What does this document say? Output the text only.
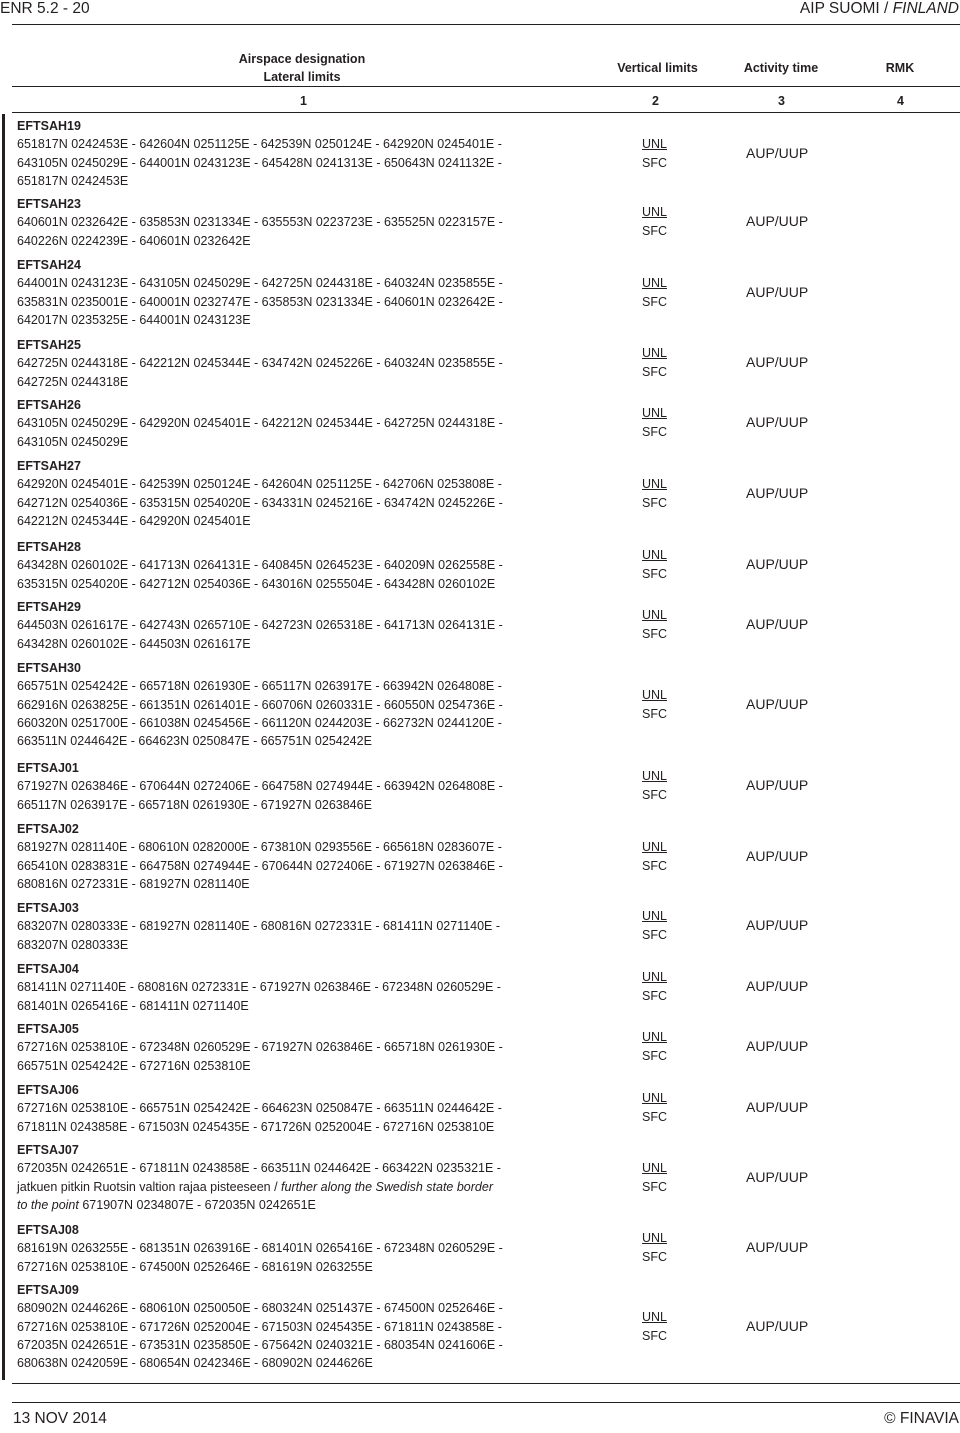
ENR 5.2 - 20	AIP SUOMI / FINLAND
Airspace designation
Lateral limits
Vertical limits	Activity time	RMK
1	2	3	4
EFTSAH19
651817N 0242453E - 642604N 0251125E - 642539N 0250124E - 642920N 0245401E -
643105N 0245029E - 644001N 0243123E - 645428N 0241313E - 650643N 0241132E -
651817N 0242453E
UNL
SFC
AUP/UUP
EFTSAH23
640601N 0232642E - 635853N 0231334E - 635553N 0223723E - 635525N 0223157E -
640226N 0224239E - 640601N 0232642E
UNL
SFC
AUP/UUP
EFTSAH24
644001N 0243123E - 643105N 0245029E - 642725N 0244318E - 640324N 0235855E -
635831N 0235001E - 640001N 0232747E - 635853N 0231334E - 640601N 0232642E -
642017N 0235325E - 644001N 0243123E
UNL
SFC
AUP/UUP
EFTSAH25
642725N 0244318E - 642212N 0245344E - 634742N 0245226E - 640324N 0235855E -
642725N 0244318E
UNL
SFC
AUP/UUP
EFTSAH26
643105N 0245029E - 642920N 0245401E - 642212N 0245344E - 642725N 0244318E -
643105N 0245029E
UNL
SFC
AUP/UUP
EFTSAH27
642920N 0245401E - 642539N 0250124E - 642604N 0251125E - 642706N 0253808E -
642712N 0254036E - 635315N 0254020E - 634331N 0245216E - 634742N 0245226E -
642212N 0245344E - 642920N 0245401E
UNL
SFC
AUP/UUP
EFTSAH28
643428N 0260102E - 641713N 0264131E - 640845N 0264523E - 640209N 0262558E -
635315N 0254020E - 642712N 0254036E - 643016N 0255504E - 643428N 0260102E
UNL
SFC
AUP/UUP
EFTSAH29
644503N 0261617E - 642743N 0265710E - 642723N 0265318E - 641713N 0264131E -
643428N 0260102E - 644503N 0261617E
UNL
SFC
AUP/UUP
EFTSAH30
665751N 0254242E - 665718N 0261930E - 665117N 0263917E - 663942N 0264808E -
662916N 0263825E - 661351N 0261401E - 660706N 0260331E - 660550N 0254736E -
660320N 0251700E - 661038N 0245456E - 661120N 0244203E - 662732N 0244120E -
663511N 0244642E - 664623N 0250847E - 665751N 0254242E
UNL
SFC
AUP/UUP
EFTSAJ01
671927N 0263846E - 670644N 0272406E - 664758N 0274944E - 663942N 0264808E -
665117N 0263917E - 665718N 0261930E - 671927N 0263846E
UNL
SFC
AUP/UUP
EFTSAJ02
681927N 0281140E - 680610N 0282000E - 673810N 0293556E - 665618N 0283607E -
665410N 0283831E - 664758N 0274944E - 670644N 0272406E - 671927N 0263846E -
680816N 0272331E - 681927N 0281140E
UNL
SFC
AUP/UUP
EFTSAJ03
683207N 0280333E - 681927N 0281140E - 680816N 0272331E - 681411N 0271140E -
683207N 0280333E
UNL
SFC
AUP/UUP
EFTSAJ04
681411N 0271140E - 680816N 0272331E - 671927N 0263846E - 672348N 0260529E -
681401N 0265416E - 681411N 0271140E
UNL
SFC
AUP/UUP
EFTSAJ05
672716N 0253810E - 672348N 0260529E - 671927N 0263846E - 665718N 0261930E -
665751N 0254242E - 672716N 0253810E
UNL
SFC
AUP/UUP
EFTSAJ06
672716N 0253810E - 665751N 0254242E - 664623N 0250847E - 663511N 0244642E -
671811N 0243858E - 671503N 0245435E - 671726N 0252004E - 672716N 0253810E
UNL
SFC
AUP/UUP
EFTSAJ07
672035N 0242651E - 671811N 0243858E - 663511N 0244642E - 663422N 0235321E -
jatkuen pitkin Ruotsin valtion rajaa pisteeseen / further along the Swedish state border
to the point 671907N 0234807E - 672035N 0242651E
UNL
SFC
AUP/UUP
EFTSAJ08
681619N 0263255E - 681351N 0263916E - 681401N 0265416E - 672348N 0260529E -
672716N 0253810E - 674500N 0252646E - 681619N 0263255E
UNL
SFC
AUP/UUP
EFTSAJ09
680902N 0244626E - 680610N 0250050E - 680324N 0251437E - 674500N 0252646E -
672716N 0253810E - 671726N 0252004E - 671503N 0245435E - 671811N 0243858E -
672035N 0242651E - 673531N 0235850E - 675642N 0240321E - 680354N 0241606E -
680638N 0242059E - 680654N 0242346E - 680902N 0244626E
UNL
SFC
AUP/UUP
13 NOV 2014	© FINAVIA
